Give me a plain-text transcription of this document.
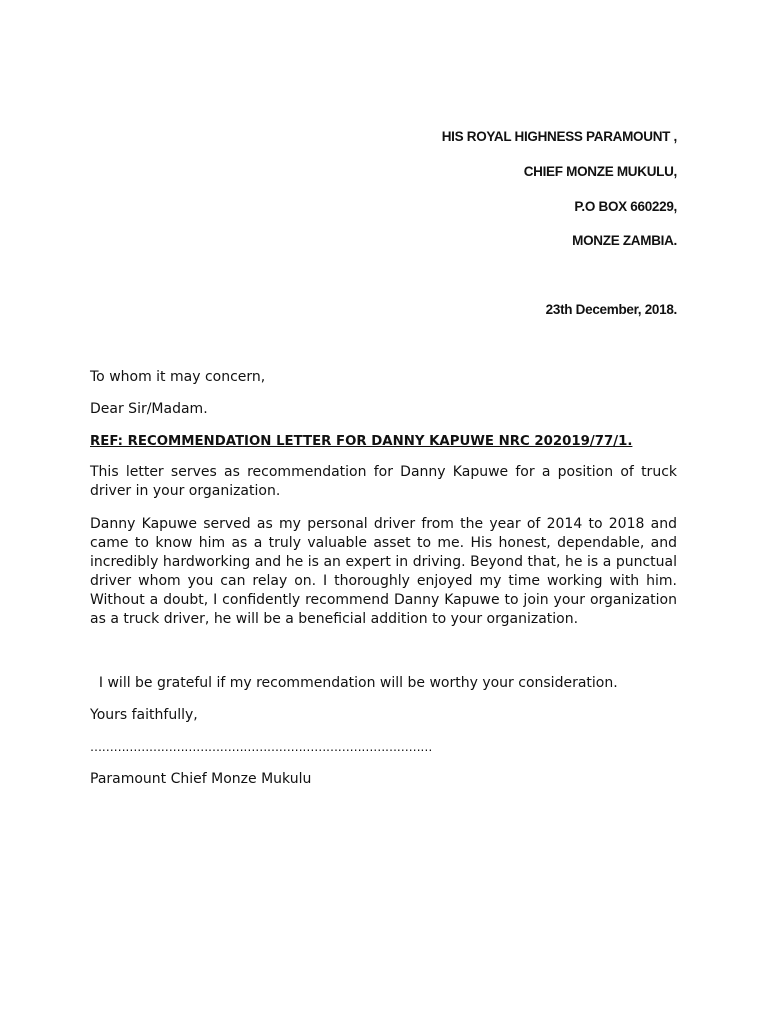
HIS ROYAL HIGHNESS PARAMOUNT ,
CHIEF MONZE MUKULU,
P.O BOX 660229,
MONZE ZAMBIA.
23th December, 2018.
To whom it may concern,
Dear Sir/Madam.
REF: RECOMMENDATION LETTER FOR DANNY KAPUWE NRC 202019/77/1.
This letter serves as recommendation for Danny Kapuwe for a position of truck
driver in your organization.
Danny Kapuwe served as my personal driver from the year of 2014 to 2018 and
came to know him as a truly valuable asset to me. His honest, dependable, and
incredibly hardworking and he is an expert in driving. Beyond that, he is a punctual
driver whom you can relay on. I thoroughly enjoyed my time working with him.
Without a doubt, I confidently recommend Danny Kapuwe to join your organization
as a truck driver, he will be a beneficial addition to your organization.
I will be grateful if my recommendation will be worthy your consideration.
Yours faithfully,
……………………………………………………………………………
Paramount Chief Monze Mukulu
